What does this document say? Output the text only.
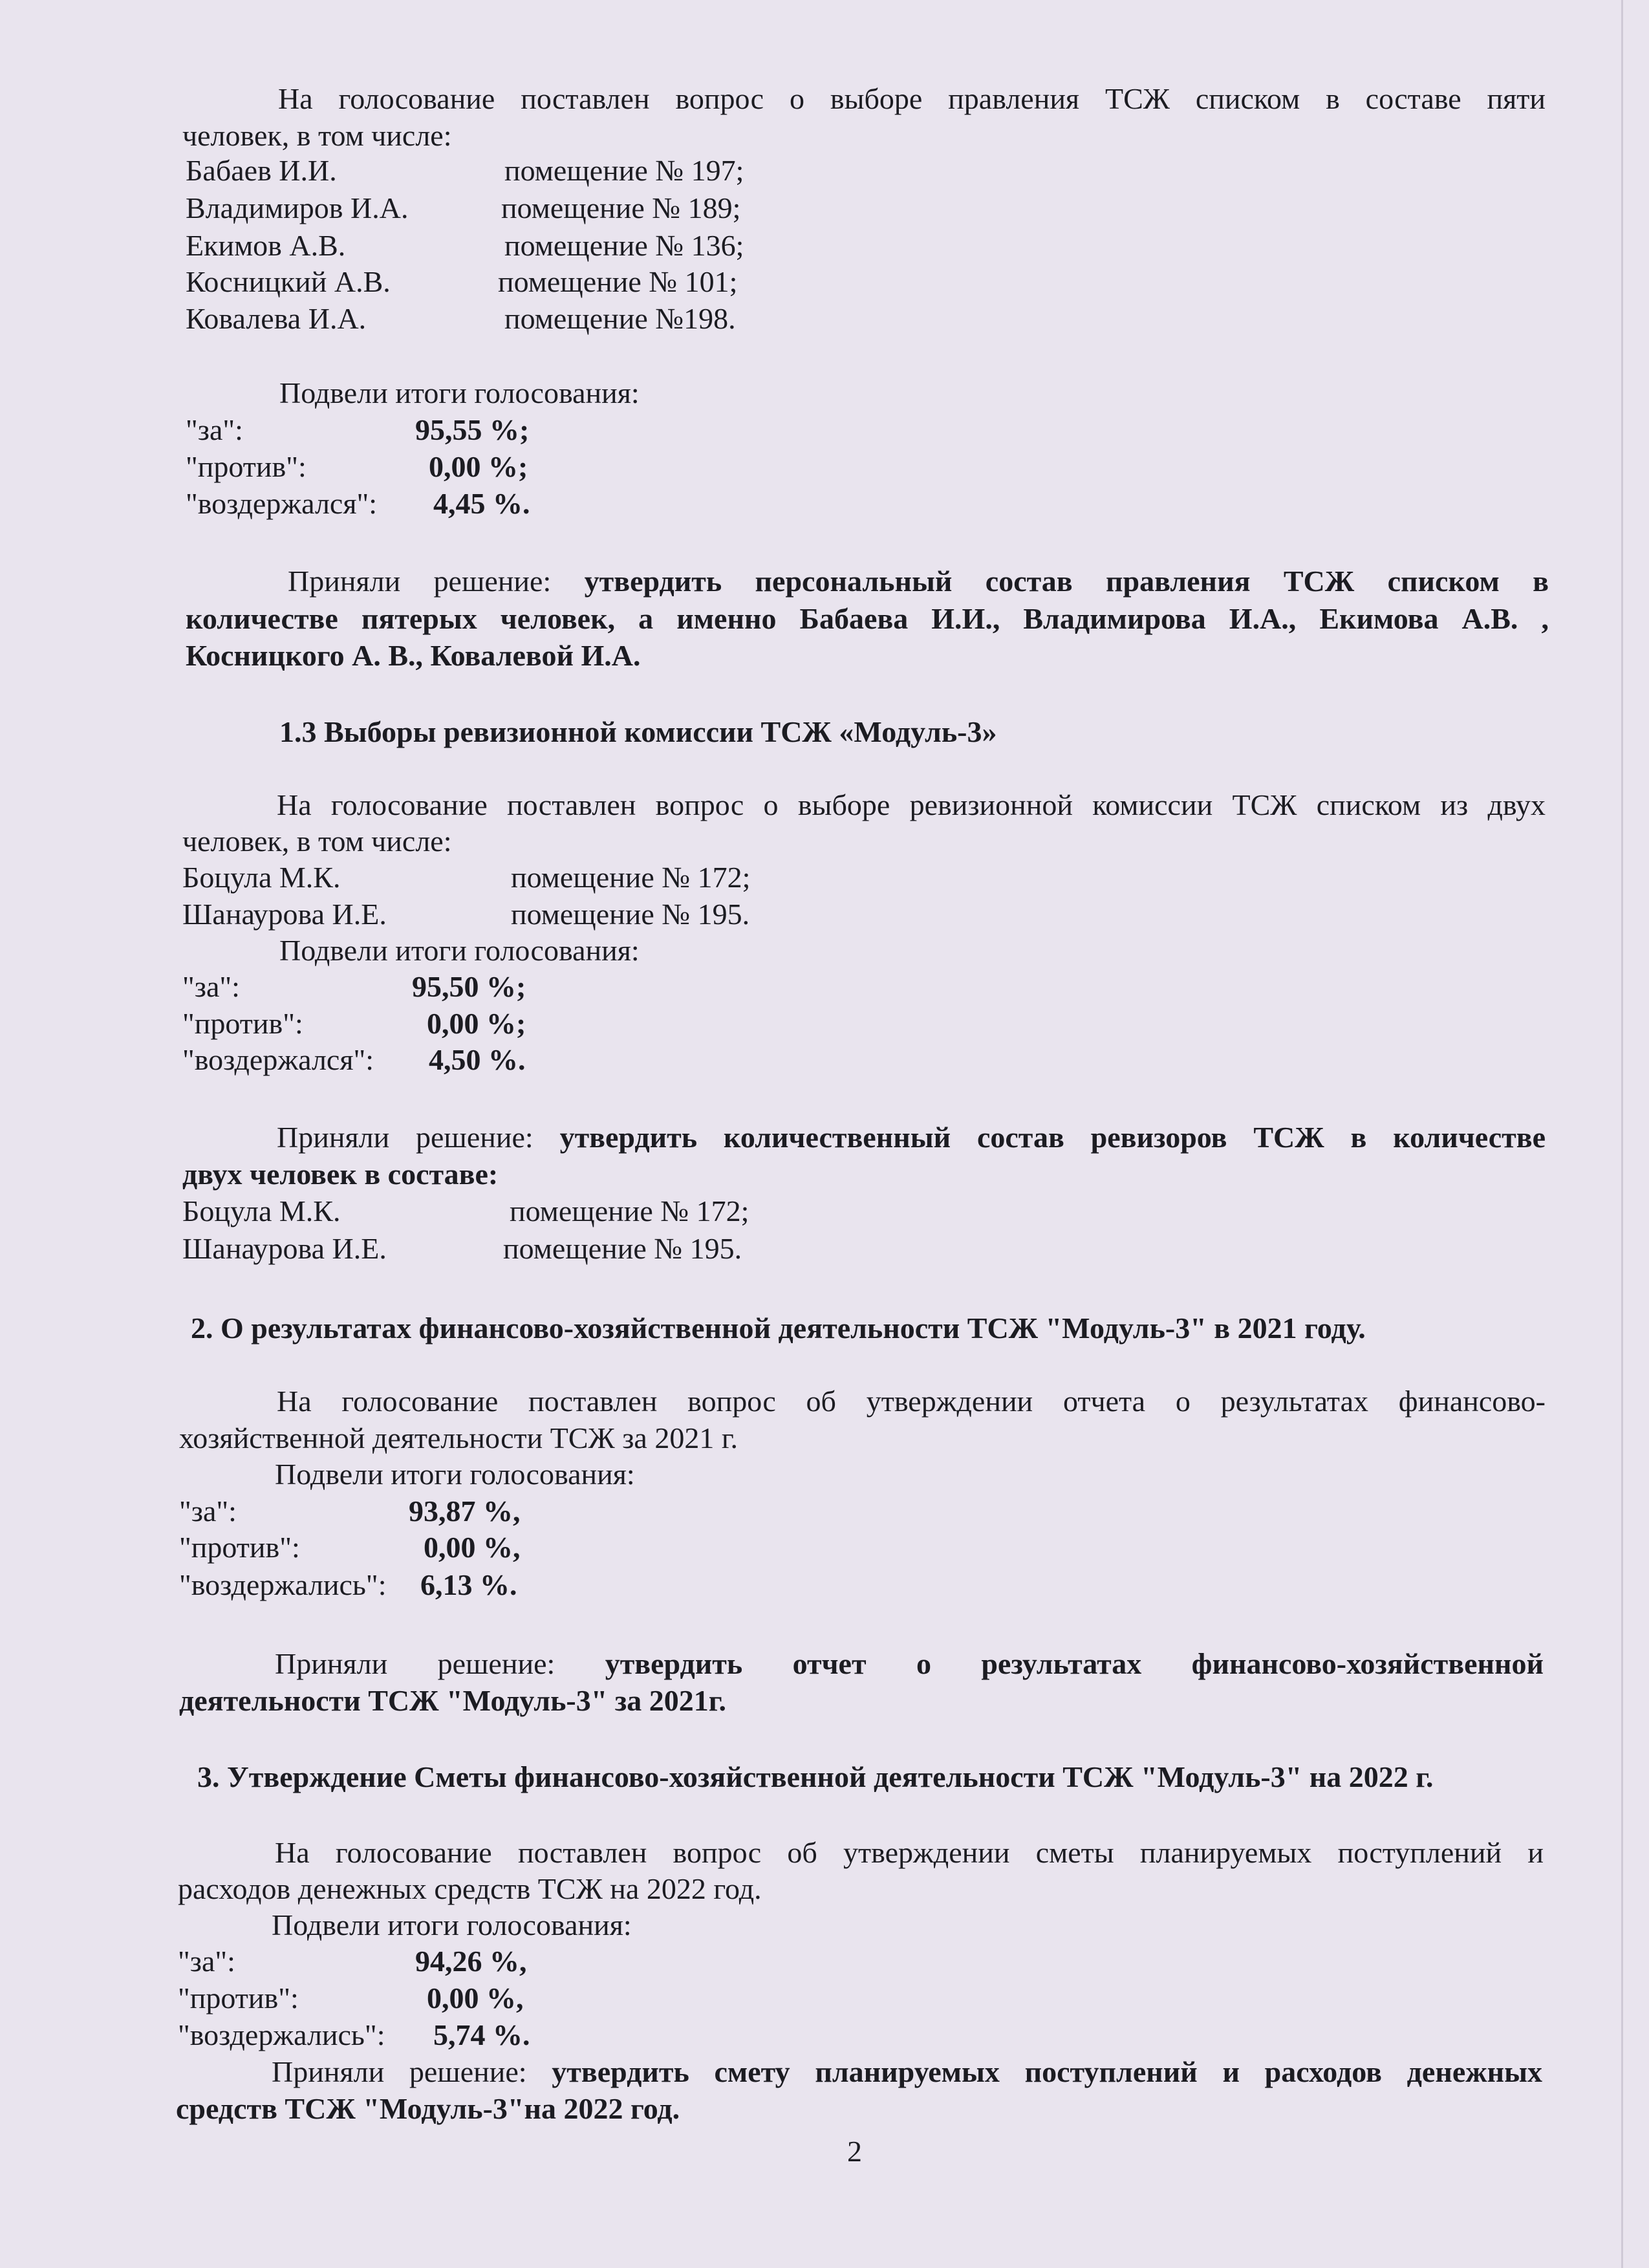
На голосование поставлен вопрос о выборе правления ТСЖ списком в составе пяти
человек, в том числе:
Бабаев И.И.	помещение № 197;
Владимиров И.А.	помещение № 189;
Екимов А.В.	помещение № 136;
Косницкий А.В.	помещение № 101;
Ковалева И.А.	помещение №198.
Подвели итоги голосования:
"за":	95,55 %;
"против":	0,00 %;
"воздержался": 4,45 %.
Приняли решение: утвердить персональный состав правления ТСЖ списком в
количестве пятерых человек, а именно Бабаева И.И., Владимирова И.А., Екимова А.В. ,
Косницкого А. В., Ковалевой И.А.
1.3 Выборы ревизионной комиссии ТСЖ «Модуль-3»
На голосование поставлен вопрос о выборе ревизионной комиссии ТСЖ списком из двух
человек, в том числе:
Боцула М.К.	помещение № 172;
Шанаурова И.Е.	помещение № 195.
Подвели итоги голосования:
"за":	95,50 %;
"против":	0,00 %;
"воздержался": 4,50 %.
Приняли решение: утвердить количественный состав ревизоров ТСЖ в количестве
двух человек в составе:
Боцула М.К.	помещение № 172;
Шанаурова И.Е.	помещение № 195.
2. О результатах финансово-хозяйственной деятельности ТСЖ "Модуль-3" в 2021 году.
На голосование поставлен вопрос об утверждении отчета о результатах финансово-
хозяйственной деятельности ТСЖ за 2021 г.
Подвели итоги голосования:
"за":	93,87 %,
"против":	0,00 %,
"воздержались": 6,13 %.
Приняли решение: утвердить отчет о результатах финансово-хозяйственной
деятельности ТСЖ "Модуль-3" за 2021г.
3. Утверждение Сметы финансово-хозяйственной деятельности ТСЖ "Модуль-3" на 2022 г.
На голосование поставлен вопрос об утверждении сметы планируемых поступлений и
расходов денежных средств ТСЖ на 2022 год.
Подвели итоги голосования:
"за":	94,26 %,
"против":	0,00 %,
"воздержались": 5,74 %.
Приняли решение: утвердить смету планируемых поступлений и расходов денежных
средств ТСЖ "Модуль-3"на 2022 год.
2
